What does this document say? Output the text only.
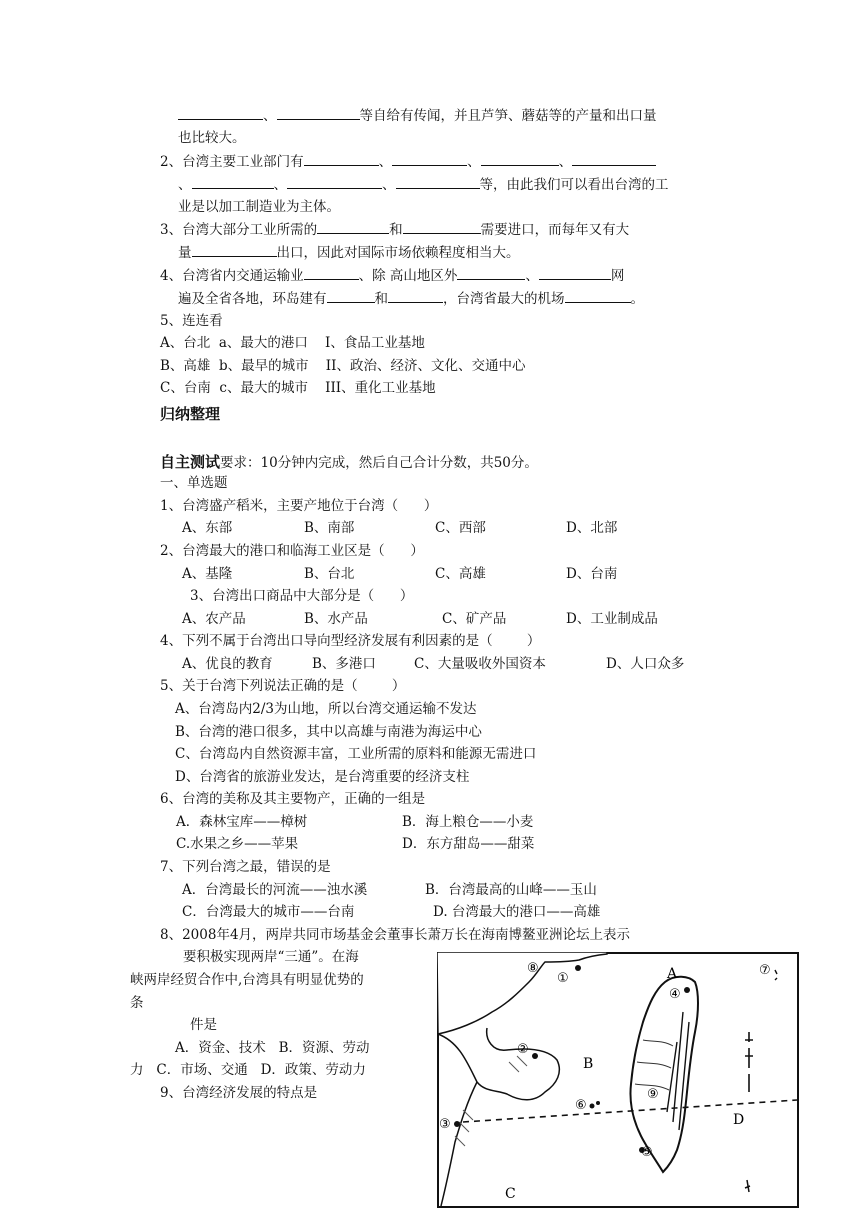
、	等自给有传闻，并且芦笋、蘑菇等的产量和出口量
也比较大。
2、台湾主要工业部门有	、	、	、
、	、	、	等，由此我们可以看出台湾的工
业是以加工制造业为主体。
3、台湾大部分工业所需的	和	需要进口，而每年又有大
量	出口，因此对国际市场依赖程度相当大。
4、台湾省内交通运输业	、除 高山地区外	、	网
遍及全省各地，环岛建有	和	，台湾省最大的机场	。
5、连连看
A、台北  a、最大的港口    I、食品工业基地
B、高雄  b、最早的城市    II、政治、经济、文化、交通中心
C、台南  c、最大的城市    III、重化工业基地
归纳整理
自主测试要求：10分钟内完成，然后自己合计分数，共50分。
一、单选题
1、台湾盛产稻米，主要产地位于台湾（      ）
A、东部	B、南部	C、西部	D、北部
2、台湾最大的港口和临海工业区是（      ）
A、基隆	B、台北	C、高雄	D、台南
3、台湾出口商品中大部分是（      ）
A、农产品	B、水产品	C、矿产品	D、工业制成品
4、下列不属于台湾出口导向型经济发展有利因素的是（        ）
A、优良的教育	B、多港口	C、大量吸收外国资本	D、人口众多
5、关于台湾下列说法正确的是（        ）
A、台湾岛内2/3为山地，所以台湾交通运输不发达
B、台湾的港口很多，其中以高雄与南港为海运中心
C、台湾岛内自然资源丰富，工业所需的原料和能源无需进口
D、台湾省的旅游业发达，是台湾重要的经济支柱
6、台湾的美称及其主要物产，正确的一组是
A．森林宝库——樟树	B．海上粮仓——小麦
C.水果之乡——苹果	D．东方甜岛——甜菜
7、下列台湾之最，错误的是
A．台湾最长的河流——浊水溪	B．台湾最高的山峰——玉山
C．台湾最大的城市——台南	D. 台湾最大的港口——高雄
8、2008年4月，两岸共同市场基金会董事长萧万长在海南博鳌亚洲论坛上表示
要积极实现两岸“三通”。在海
峡两岸经贸合作中,台湾具有明显优势的
条
件是
A．资金、技术   B．资源、劳动
力   C．市场、交通   D．政策、劳动力
9、台湾经济发展的特点是
A
B
C
D
①
②
③
④
⑤
⑥
⑦
⑧
⑨
